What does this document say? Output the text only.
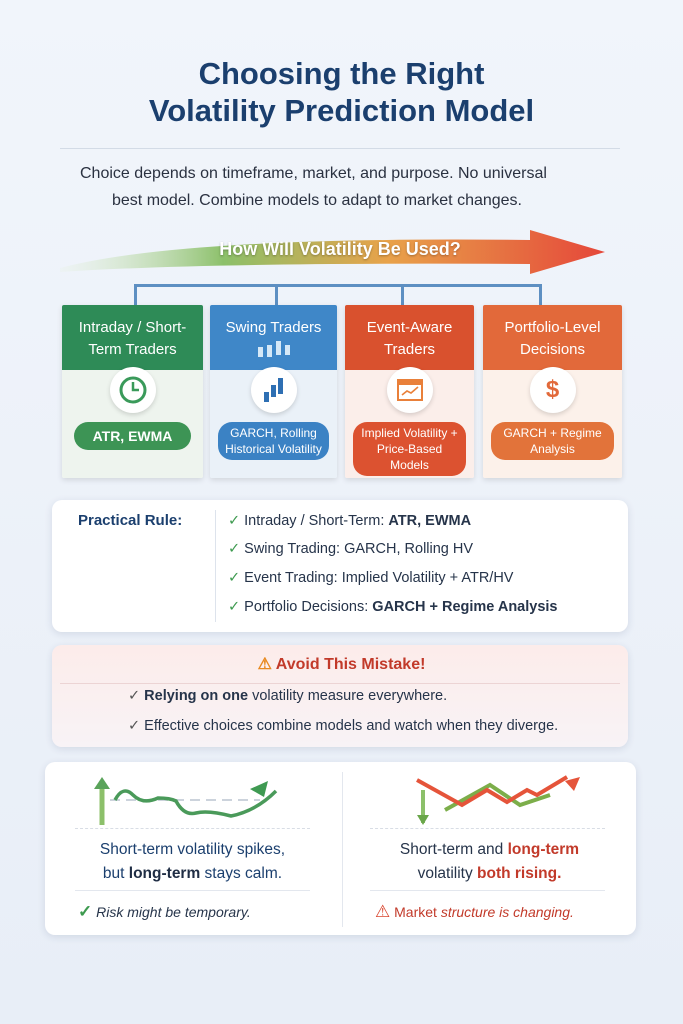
Choosing the Right
Volatility Prediction Model
Choice depends on timeframe, market, and purpose. No universal
best model. Combine models to adapt to market changes.
How Will Volatility Be Used?
Intraday / Short-Term Traders
ATR, EWMA
Swing Traders
GARCH, Rolling Historical Volatility
Event-Aware Traders
Implied Volatility + Price-Based Models
Portfolio-Level Decisions
$
GARCH + Regime Analysis
Practical Rule:	✓ Intraday / Short-Term: ATR, EWMA
✓ Swing Trading: GARCH, Rolling HV
✓ Event Trading: Implied Volatility + ATR/HV
✓ Portfolio Decisions: GARCH + Regime Analysis
⚠ Avoid This Mistake!
✓ Relying on one volatility measure everywhere.
✓ Effective choices combine models and watch when they diverge.
Short-term volatility spikes,
but long-term stays calm.
Short-term and long-term
volatility both rising.
✓ Risk might be temporary.	⚠ Market structure is changing.
